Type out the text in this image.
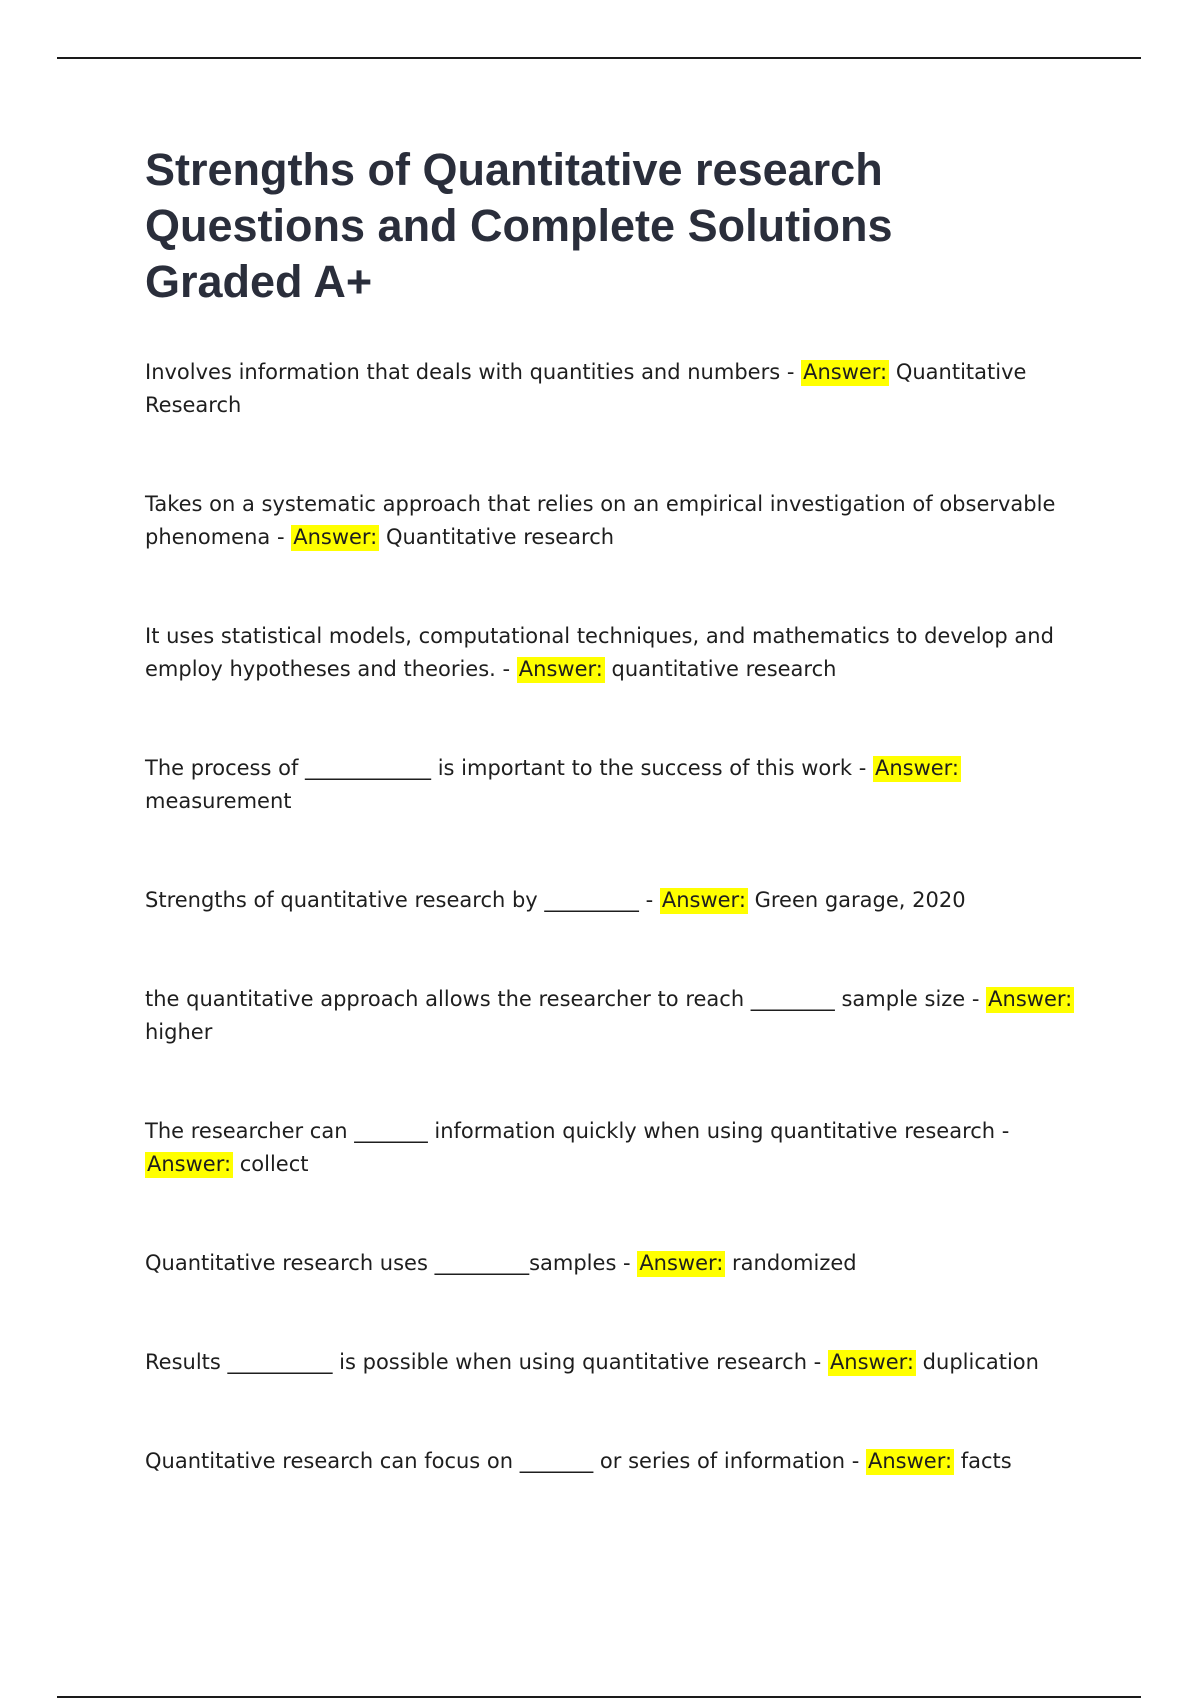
Strengths of Quantitative research Questions and Complete Solutions Graded A+

Involves information that deals with quantities and numbers - Answer: Quantitative Research

Takes on a systematic approach that relies on an empirical investigation of observable phenomena - Answer: Quantitative research

It uses statistical models, computational techniques, and mathematics to develop and employ hypotheses and theories. - Answer: quantitative research

The process of ____________ is important to the success of this work - Answer: measurement

Strengths of quantitative research by _________ - Answer: Green garage, 2020

the quantitative approach allows the researcher to reach ________ sample size - Answer: higher

The researcher can _______ information quickly when using quantitative research - Answer: collect

Quantitative research uses _________samples - Answer: randomized

Results __________ is possible when using quantitative research - Answer: duplication

Quantitative research can focus on _______ or series of information - Answer: facts
